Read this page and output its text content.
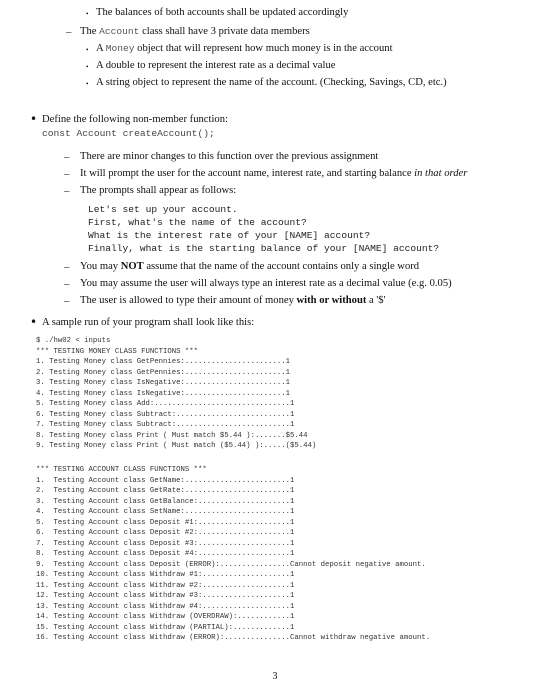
• The balances of both accounts shall be updated accordingly
– The Account class shall have 3 private data members
• A Money object that will represent how much money is in the account
• A double to represent the interest rate as a decimal value
• A string object to represent the name of the account. (Checking, Savings, CD, etc.)
• Define the following non-member function:
const Account createAccount();
– There are minor changes to this function over the previous assignment
– It will prompt the user for the account name, interest rate, and starting balance in that order
– The prompts shall appear as follows:
Let's set up your account.
First, what's the name of the account?
What is the interest rate of your [NAME] account?
Finally, what is the starting balance of your [NAME] account?
– You may NOT assume that the name of the account contains only a single word
– You may assume the user will always type an interest rate as a decimal value (e.g. 0.05)
– The user is allowed to type their amount of money with or without a '$'
• A sample run of your program shall look like this:
$ ./hw02 < inputs
*** TESTING MONEY CLASS FUNCTIONS ***
1. Testing Money class GetPennies:.......................1
2. Testing Money class GetPennies:.......................1
3. Testing Money class IsNegative:.......................1
4. Testing Money class IsNegative:.......................1
5. Testing Money class Add:...............................1
6. Testing Money class Subtract:..........................1
7. Testing Money class Subtract:..........................1
8. Testing Money class Print ( Must match $5.44 ):.......$5.44
9. Testing Money class Print ( Must match ($5.44) ):.....($5.44)
*** TESTING ACCOUNT CLASS FUNCTIONS ***
1.  Testing Account class GetName:........................1
2.  Testing Account class GetRate:........................1
3.  Testing Account class GetBalance:.....................1
4.  Testing Account class SetName:........................1
5.  Testing Account class Deposit #1:.....................1
6.  Testing Account class Deposit #2:.....................1
7.  Testing Account class Deposit #3:.....................1
8.  Testing Account class Deposit #4:.....................1
9.  Testing Account class Deposit (ERROR):................Cannot deposit negative amount.
10. Testing Account class Withdraw #1:....................1
11. Testing Account class Withdraw #2:....................1
12. Testing Account class Withdraw #3:....................1
13. Testing Account class Withdraw #4:....................1
14. Testing Account class Withdraw (OVERDRAW):............1
15. Testing Account class Withdraw (PARTIAL):.............1
16. Testing Account class Withdraw (ERROR):...............Cannot withdraw negative amount.
3
